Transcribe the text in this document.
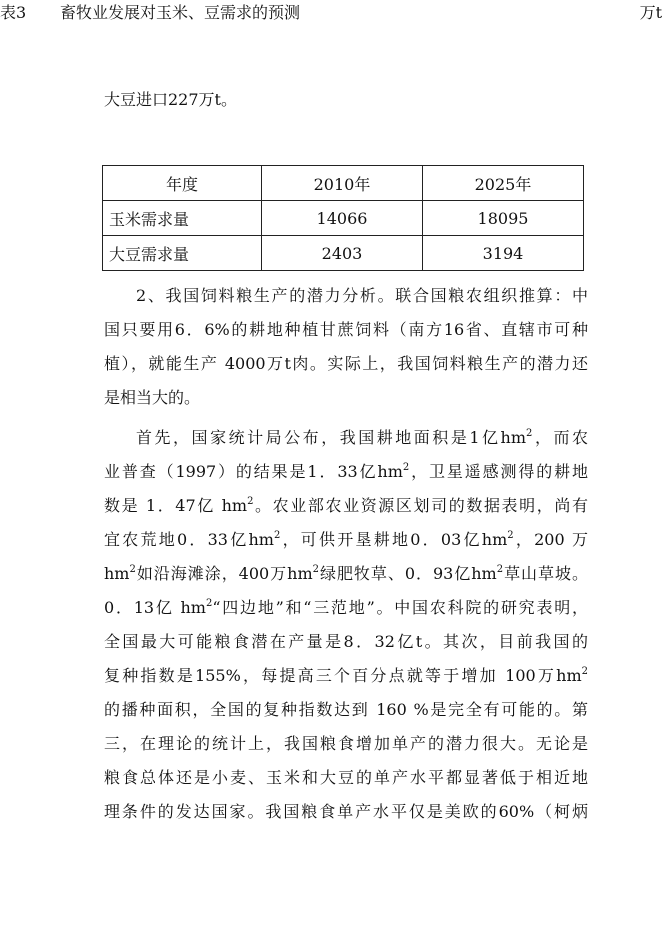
大豆进口227万t。
表3 畜牧业发展对玉米、豆需求的预测	万t
年度	2010年	2025年
玉米需求量	14066	18095
大豆需求量	2403	3194
2、我国饲料粮生产的潜力分析。联合国粮农组织推算：中
国只要用6．6%的耕地种植甘蔗饲料（南方16省、直辖市可种
植），就能生产 4000万t肉。实际上，我国饲料粮生产的潜力还
是相当大的。
首先，国家统计局公布，我国耕地面积是1亿$hm^2$，而农
业普查（1997）的结果是1．33亿$hm^2$，卫星遥感测得的耕地
数是 1．47亿 $hm^2$。农业部农业资源区划司的数据表明，尚有
宜农荒地0．33亿$hm^2$，可供开垦耕地0．03亿$hm^2$，200 万
$hm^2$如沿海滩涂，400万$hm^2$绿肥牧草、0．93亿$hm^2$草山草坡。
0．13亿 $hm^2“$四边地”和“三范地”。中国农科院的研究表明，
全国最大可能粮食潜在产量是8．32亿t。其次，目前我国的
复种指数是155%，每提高三个百分点就等于增加 100万$hm^2$
的播种面积，全国的复种指数达到 160 %是完全有可能的。第
三，在理论的统计上，我国粮食增加单产的潜力很大。无论是
粮食总体还是小麦、玉米和大豆的单产水平都显著低于相近地
理条件的发达国家。我国粮食单产水平仅是美欧的60%（柯炳
